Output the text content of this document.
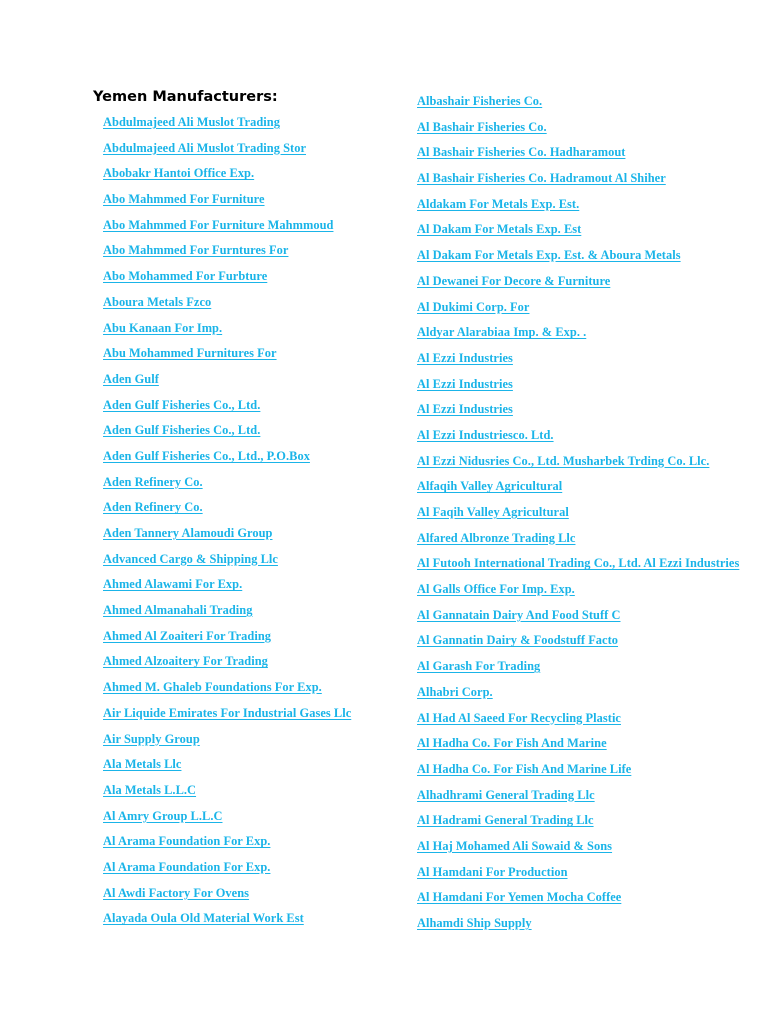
Yemen Manufacturers:
Abdulmajeed Ali Muslot Trading
Abdulmajeed Ali Muslot Trading Stor
Abobakr Hantoi Office Exp.
Abo Mahmmed For Furniture
Abo Mahmmed For Furniture Mahmmoud
Abo Mahmmed For Furntures For
Abo Mohammed For Furbture
Aboura Metals Fzco
Abu Kanaan For Imp.
Abu Mohammed Furnitures For
Aden Gulf
Aden Gulf Fisheries Co., Ltd.
Aden Gulf Fisheries Co., Ltd.
Aden Gulf Fisheries Co., Ltd., P.O.Box
Aden Refinery Co.
Aden Refinery Co.
Aden Tannery Alamoudi Group
Advanced Cargo & Shipping Llc
Ahmed Alawami For Exp.
Ahmed Almanahali Trading
Ahmed Al Zoaiteri For Trading
Ahmed Alzoaitery For Trading
Ahmed M. Ghaleb Foundations For Exp.
Air Liquide Emirates For Industrial Gases Llc
Air Supply Group
Ala Metals Llc
Ala Metals L.L.C
Al Amry Group L.L.C
Al Arama Foundation For Exp.
Al Arama Foundation For Exp.
Al Awdi Factory For Ovens
Alayada Oula Old Material Work Est
Albashair Fisheries Co.
Al Bashair Fisheries Co.
Al Bashair Fisheries Co. Hadharamout
Al Bashair Fisheries Co. Hadramout Al Shiher
Aldakam For Metals Exp. Est.
Al Dakam For Metals Exp. Est
Al Dakam For Metals Exp. Est. & Aboura Metals
Al Dewanei For Decore & Furniture
Al Dukimi Corp. For
Aldyar Alarabiaa Imp. & Exp. .
Al Ezzi Industries
Al Ezzi Industries
Al Ezzi Industries
Al Ezzi Industriesco. Ltd.
Al Ezzi Nidusries Co., Ltd. Musharbek Trding Co. Llc.
Alfaqih Valley Agricultural
Al Faqih Valley Agricultural
Alfared Albronze Trading Llc
Al Futooh International Trading Co., Ltd. Al Ezzi Industries
Al Galls Office For Imp. Exp.
Al Gannatain Dairy And Food Stuff C
Al Gannatin Dairy & Foodstuff Facto
Al Garash For Trading
Alhabri Corp.
Al Had Al Saeed For Recycling Plastic
Al Hadha Co. For Fish And Marine
Al Hadha Co. For Fish And Marine Life
Alhadhrami General Trading Llc
Al Hadrami General Trading Llc
Al Haj Mohamed Ali Sowaid & Sons
Al Hamdani For Production
Al Hamdani For Yemen Mocha Coffee
Alhamdi Ship Supply
